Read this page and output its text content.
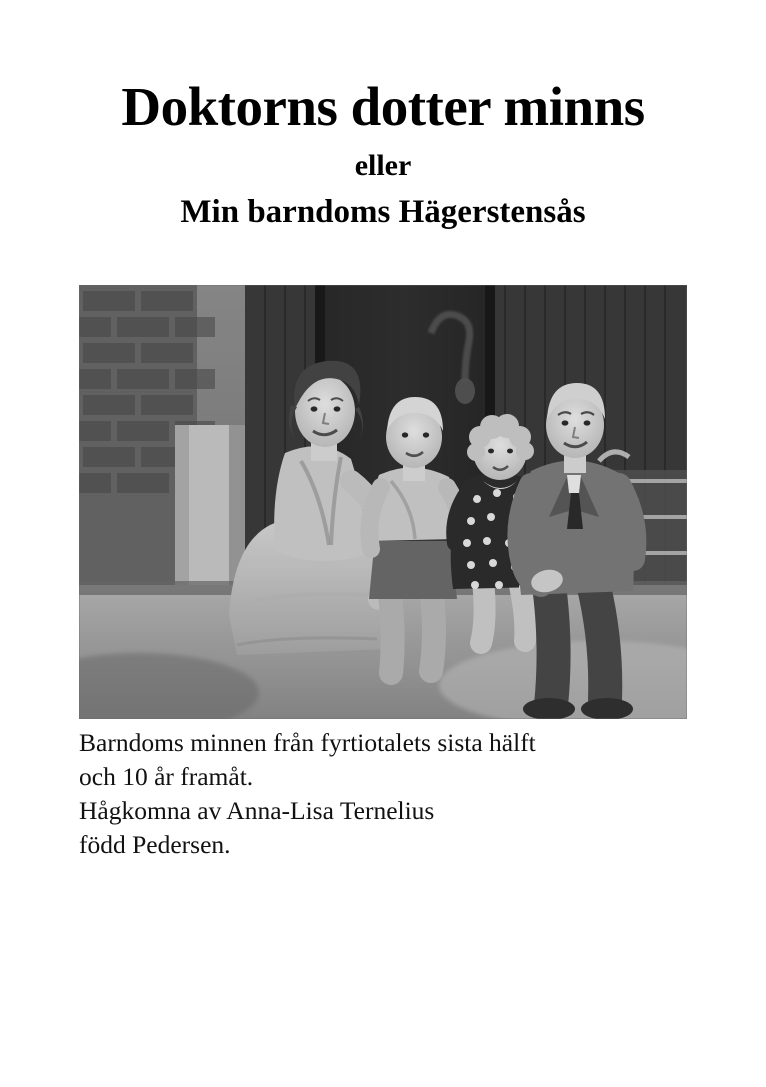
Doktorns dotter minns
eller
Min barndoms Hägerstensås
Barndoms minnen från fyrtiotalets sista hälft
och 10 år framåt.
Hågkomna av Anna-Lisa Ternelius
född Pedersen.
